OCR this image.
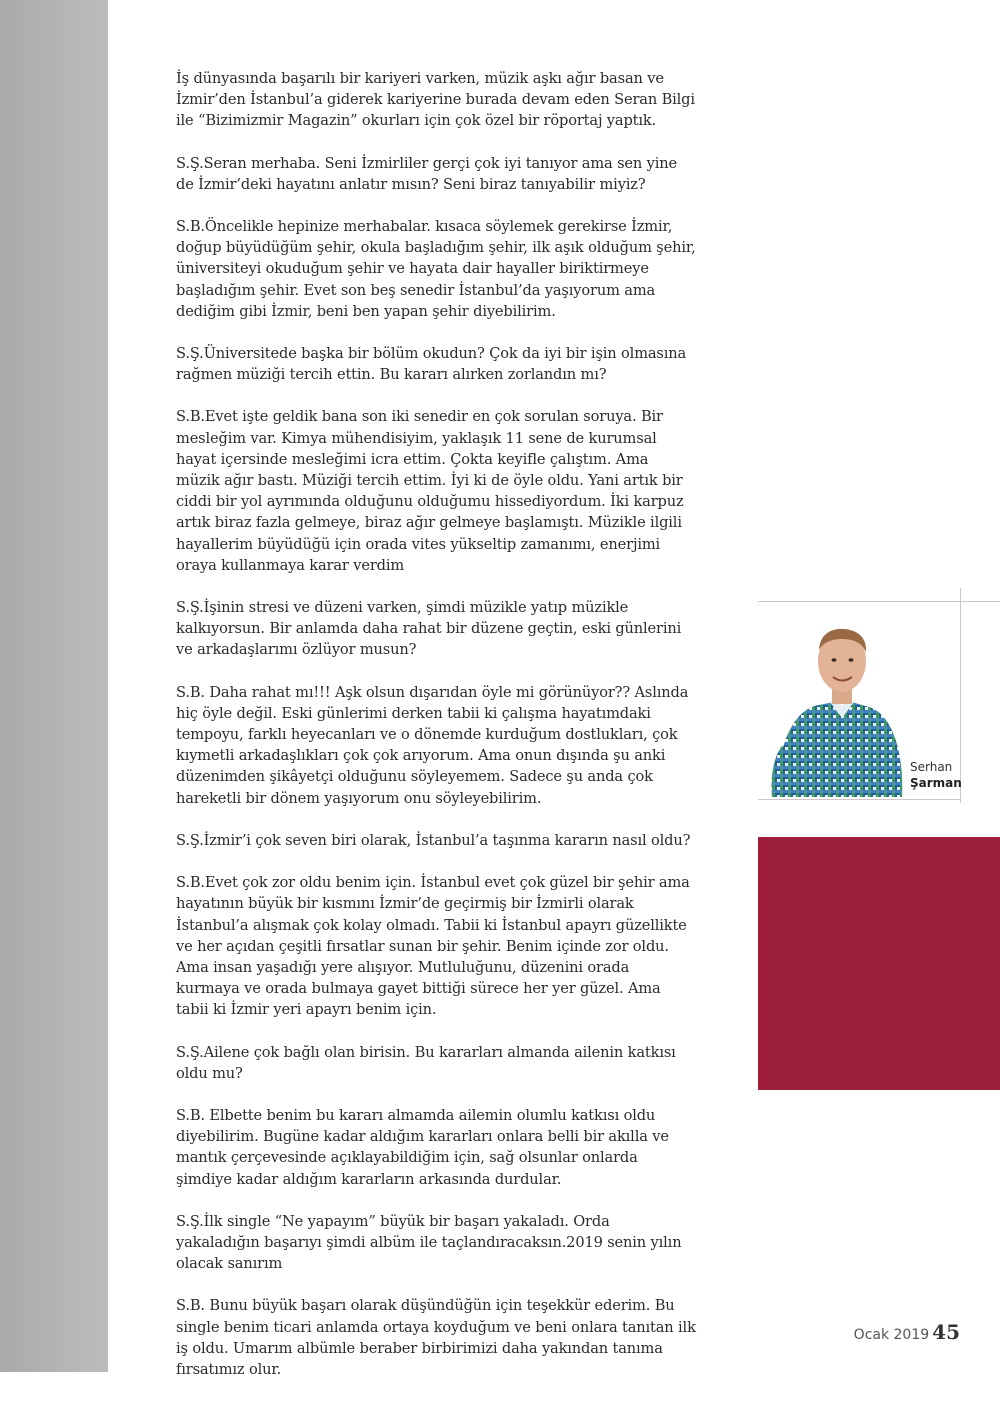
İş dünyasında başarılı bir kariyeri varken, müzik aşkı ağır basan ve İzmir’den İstanbul’a giderek kariyerine burada devam eden Seran Bilgi ile “Bizimizmir Magazin” okurları için çok özel bir röportaj yaptık.

S.Ş.Seran merhaba. Seni İzmirliler gerçi çok iyi tanıyor ama sen yine de İzmir’deki hayatını anlatır mısın? Seni biraz tanıyabilir miyiz?

S.B.Öncelikle hepinize merhabalar. kısaca söylemek gerekirse İzmir, doğup büyüdüğüm şehir, okula başladığım şehir, ilk aşık olduğum şehir, üniversiteyi okuduğum şehir ve hayata dair hayaller biriktirmeye başladığım şehir. Evet son beş senedir İstanbul’da yaşıyorum ama dediğim gibi İzmir, beni ben yapan şehir diyebilirim.

S.Ş.Üniversitede başka bir bölüm okudun? Çok da iyi bir işin olmasına rağmen müziği tercih ettin. Bu kararı alırken zorlandın mı?

S.B.Evet işte geldik bana son iki senedir en çok sorulan soruya. Bir mesleğim var. Kimya mühendisiyim, yaklaşık 11 sene de kurumsal hayat içersinde mesleğimi icra ettim. Çokta keyifle çalıştım. Ama müzik ağır bastı. Müziği tercih ettim. İyi ki de öyle oldu. Yani artık bir ciddi bir yol ayrımında olduğunu olduğumu hissediyordum. İki karpuz artık biraz fazla gelmeye, biraz ağır gelmeye başlamıştı. Müzikle ilgili hayallerim büyüdüğü için orada vites yükseltip zamanımı, enerjimi oraya kullanmaya karar verdim

S.Ş.İşinin stresi ve düzeni varken, şimdi müzikle yatıp müzikle kalkıyorsun. Bir anlamda daha rahat bir düzene geçtin, eski günlerini ve arkadaşlarımı özlüyor musun?

S.B. Daha rahat mı!!! Aşk olsun dışarıdan öyle mi görünüyor?? Aslında hiç öyle değil. Eski günlerimi derken tabii ki çalışma hayatımdaki tempoyu, farklı heyecanları ve o dönemde kurduğum dostlukları, çok kıymetli arkadaşlıkları çok çok arıyorum. Ama onun dışında şu anki düzenimden şikâyetçi olduğunu söyleyemem. Sadece şu anda çok hareketli bir dönem yaşıyorum onu söyleyebilirim.

S.Ş.İzmir’i çok seven biri olarak, İstanbul’a taşınma kararın nasıl oldu?

S.B.Evet çok zor oldu benim için. İstanbul evet çok güzel bir şehir ama hayatının büyük bir kısmını İzmir’de geçirmiş bir İzmirli olarak İstanbul’a alışmak çok kolay olmadı. Tabii ki İstanbul apayrı güzellikte ve her açıdan çeşitli fırsatlar sunan bir şehir. Benim içinde zor oldu. Ama insan yaşadığı yere alışıyor. Mutluluğunu, düzenini orada kurmaya ve orada bulmaya gayet bittiği sürece her yer güzel. Ama tabii ki İzmir yeri apayrı benim için.

S.Ş.Ailene çok bağlı olan birisin. Bu kararları almanda ailenin katkısı oldu mu?

S.B. Elbette benim bu kararı almamda ailemin olumlu katkısı oldu diyebilirim. Bugüne kadar aldığım kararları onlara belli bir akılla ve mantık çerçevesinde açıklayabildiğim için, sağ olsunlar onlarda şimdiye kadar aldığım kararların arkasında durdular.

S.Ş.İlk single “Ne yapayım” büyük bir başarı yakaladı. Orda yakaladığın başarıyı şimdi albüm ile taçlandıracaksın.2019 senin yılın olacak sanırım

S.B. Bunu büyük başarı olarak düşündüğün için teşekkür ederim. Bu single benim ticari anlamda ortaya koyduğum ve beni onlara tanıtan ilk iş oldu. Umarım albümle beraber birbirimizi daha yakından tanıma fırsatımız olur.

Serhan
Şarman
Ocak 2019 45
